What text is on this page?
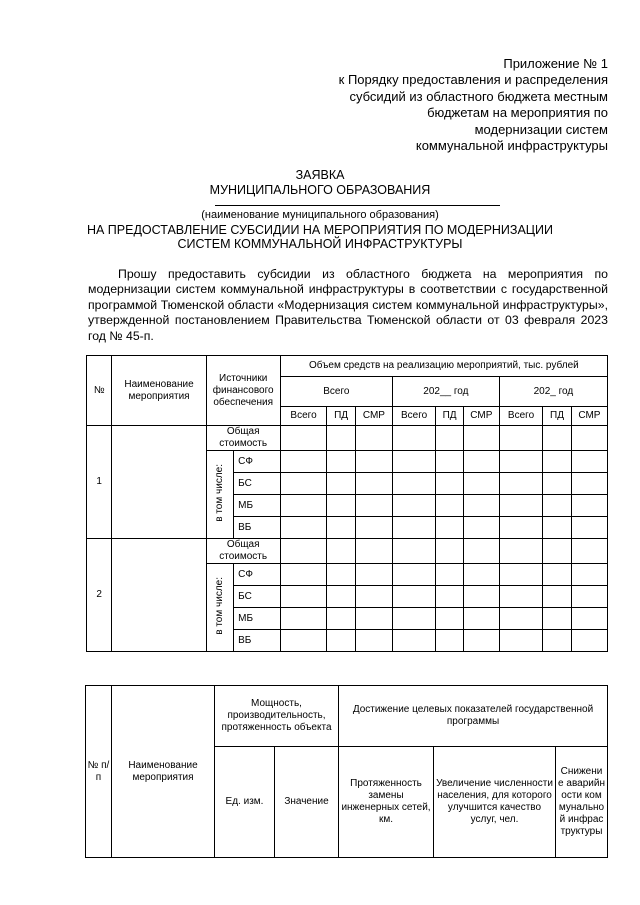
Приложение № 1
к Порядку предоставления и распределения
субсидий из областного бюджета местным
бюджетам на мероприятия по
модернизации систем
коммунальной инфраструктуры
ЗАЯВКА
МУНИЦИПАЛЬНОГО ОБРАЗОВАНИЯ
(наименование муниципального образования)
НА ПРЕДОСТАВЛЕНИЕ СУБСИДИИ НА МЕРОПРИЯТИЯ ПО МОДЕРНИЗАЦИИ
СИСТЕМ КОММУНАЛЬНОЙ ИНФРАСТРУКТУРЫ

Прошу предоставить субсидии из областного бюджета на мероприятия по модернизации систем коммунальной инфраструктуры в соответствии с государственной программой Тюменской области «Модернизация систем коммунальной инфраструктуры», утвержденной постановлением Правительства Тюменской области от 03 февраля 2023 год № 45-п.

№	Наименование мероприятия	Источники финансового обеспечения		Объем средств на реализацию мероприятий, тыс. рублей								
				Всего			202__ год			202_ год		
				Всего	ПД	СМР	Всего	ПД	СМР	Всего	ПД	СМР
1		Общая стоимость										
		в том числе:	СФ									
			БС									
			МБ									
			ВБ									
2		Общая стоимость										
		в том числе:	СФ									
			БС									
			МБ									
			ВБ									
№ п/п	Наименование мероприятия	Мощность, производительность, протяженность объекта		Достижение целевых показателей государственной программы		
		Ед. изм.	Значение	Протяженность замены инженерных сетей, км.	Увеличение численности населения, для которого улучшится качество услуг, чел.	Снижение аварийности коммунальной инфраструктуры
